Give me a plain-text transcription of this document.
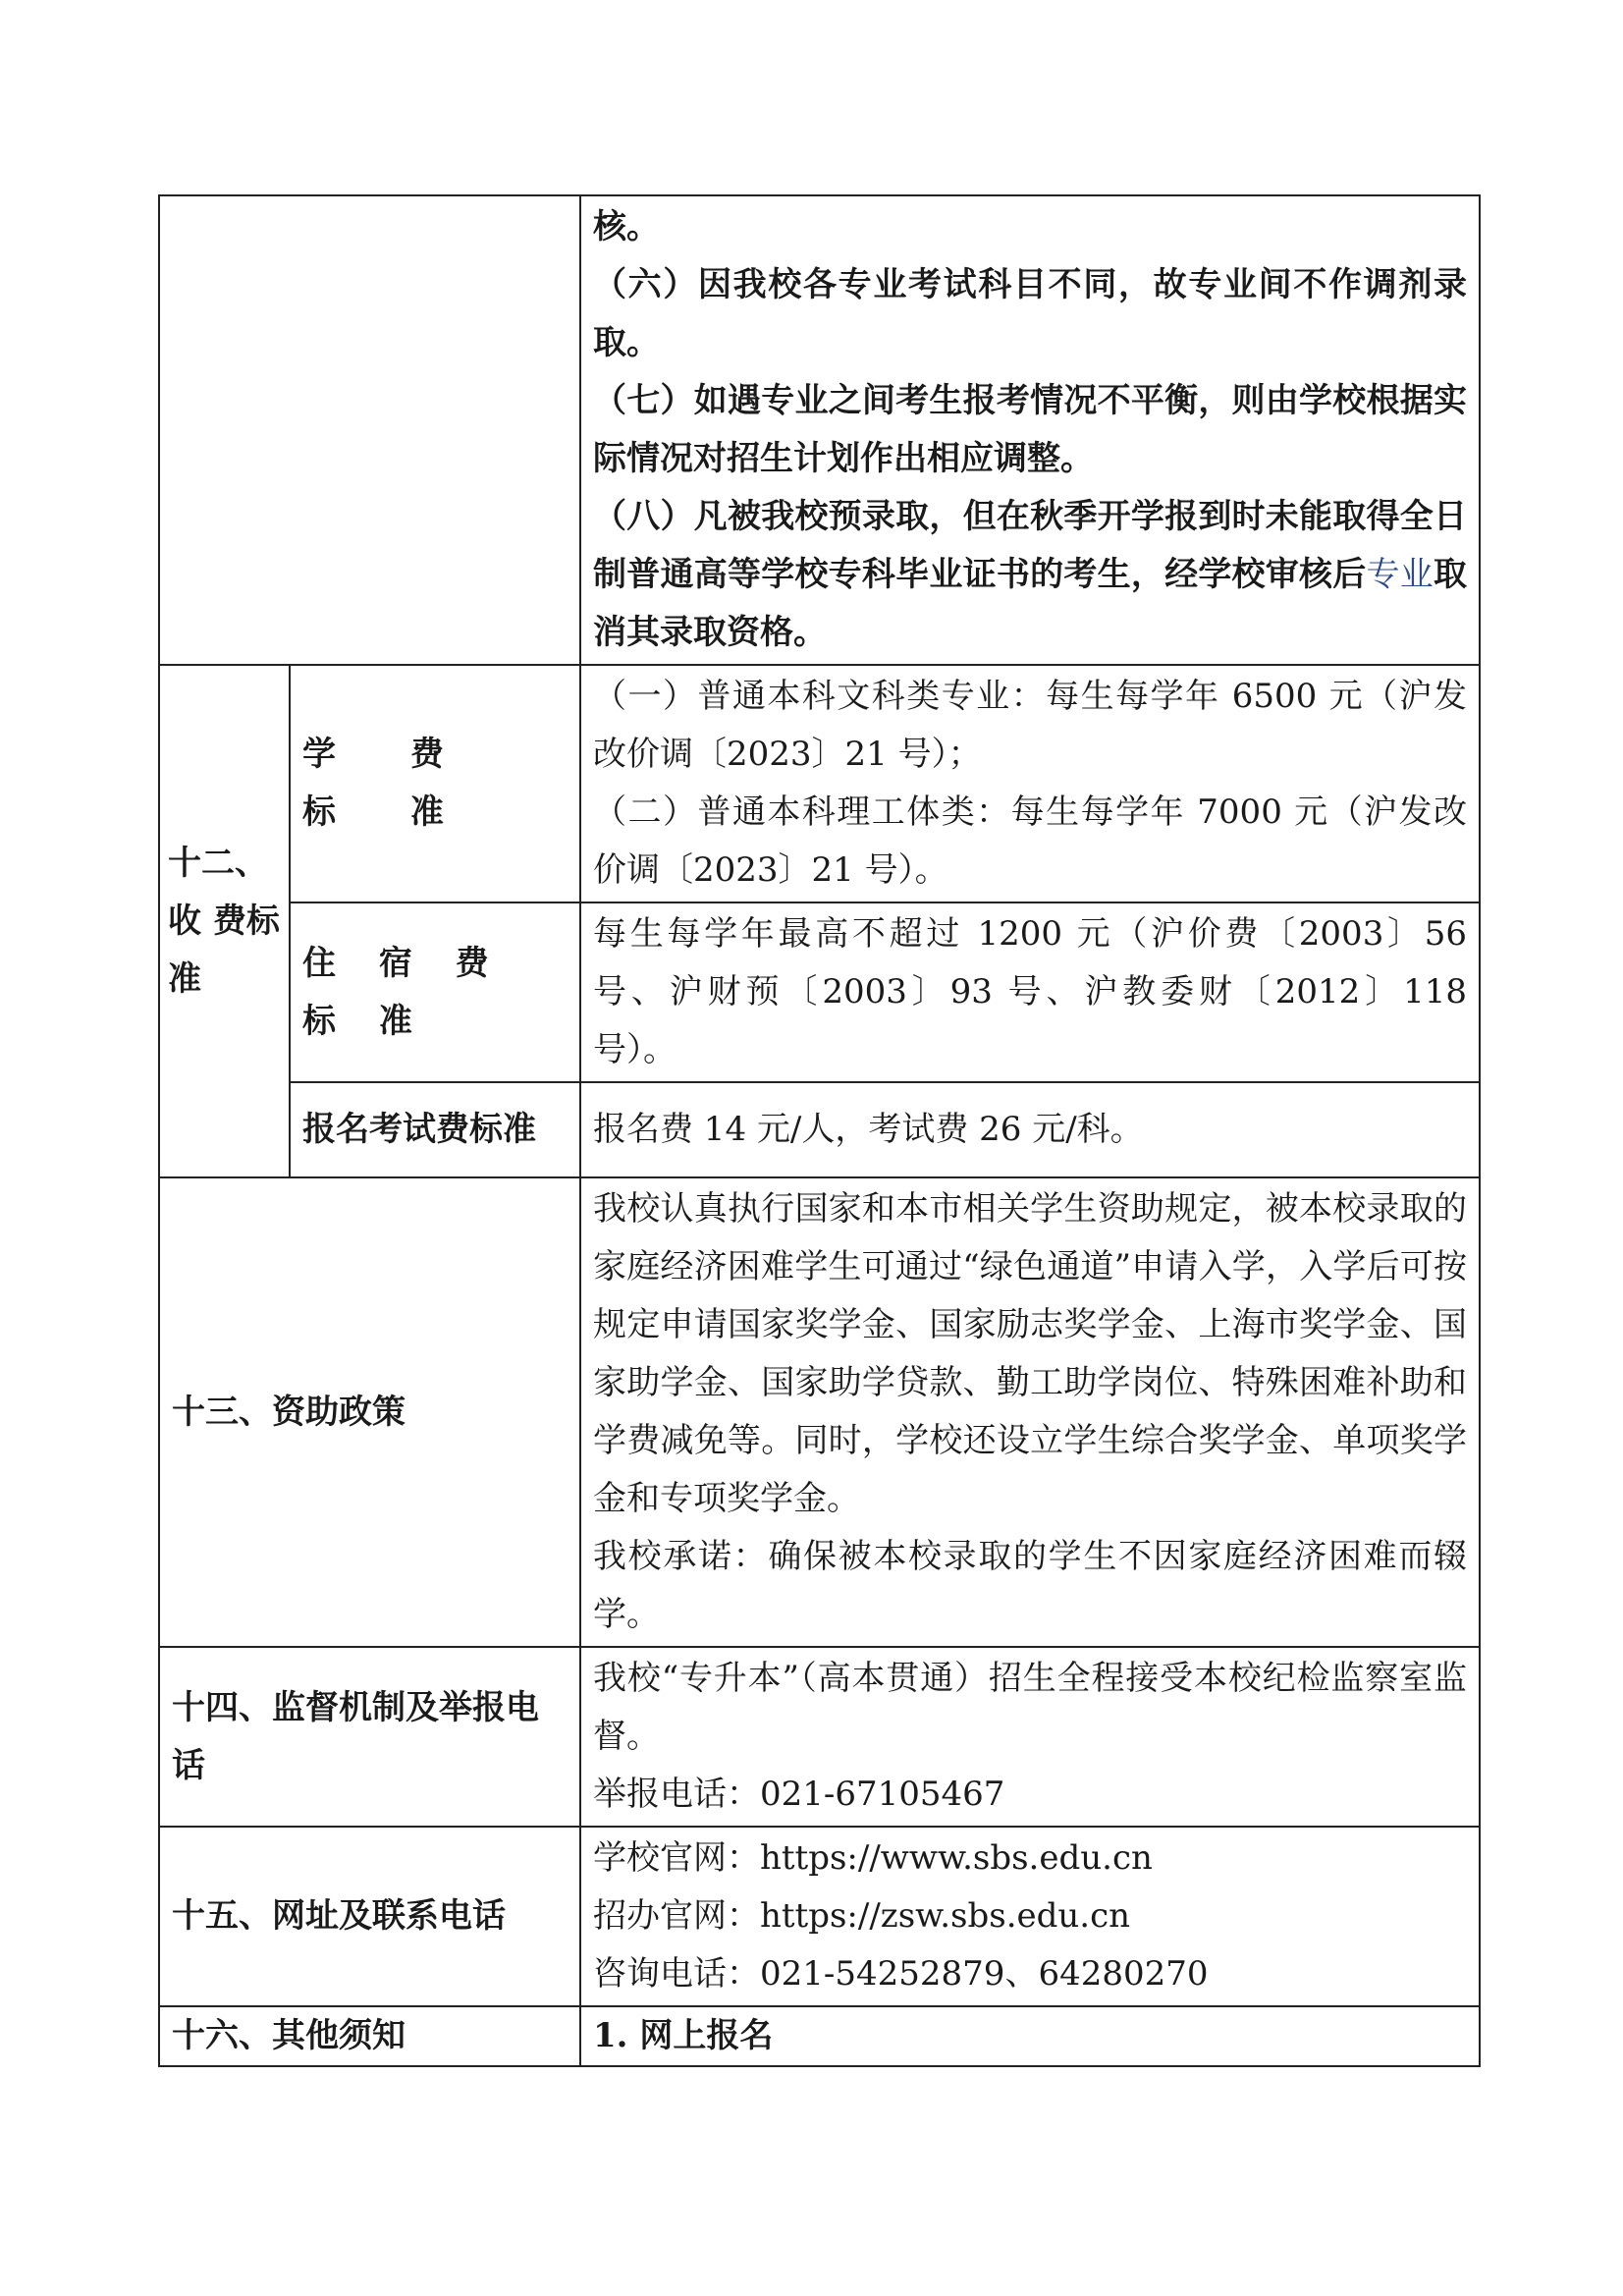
		核。
（六）因我校各专业考试科目不同，故专业间不作调剂录取。
（七）如遇专业之间考生报考情况不平衡，则由学校根据实际情况对招生计划作出相应调整。
（八）凡被我校预录取，但在秋季开学报到时未能取得全日制普通高等学校专科毕业证书的考生，经学校审核后专业取消其录取资格。

十二、收 费标准	学 费 标 准	（一）普通本科文科类专业：每生每学年 6500 元（沪发改价调〔2023〕21 号）；
（二）普通本科理工体类：每生每学年 7000 元（沪发改价调〔2023〕21 号）。

	住 宿 费 标 准	每生每学年最高不超过 1200 元（沪价费〔2003〕56 号、沪财预〔2003〕93 号、沪教委财〔2012〕118 号）。
	报名考试费标准	报名费 14 元/人，考试费 26 元/科。
十三、资助政策		我校认真执行国家和本市相关学生资助规定，被本校录取的家庭经济困难学生可通过“绿色通道”申请入学，入学后可按规定申请国家奖学金、国家励志奖学金、上海市奖学金、国家助学金、国家助学贷款、勤工助学岗位、特殊困难补助和学费减免等。同时，学校还设立学生综合奖学金、单项奖学金和专项奖学金。
我校承诺：确保被本校录取的学生不因家庭经济困难而辍学。

十四、监督机制及举报电话		我校“专升本”（高本贯通）招生全程接受本校纪检监察室监督。
举报电话：021-67105467

十五、网址及联系电话		学校官网：https://www.sbs.edu.cn
招办官网：https://zsw.sbs.edu.cn
咨询电话：021-54252879、64280270

十六、其他须知		1. 网上报名
